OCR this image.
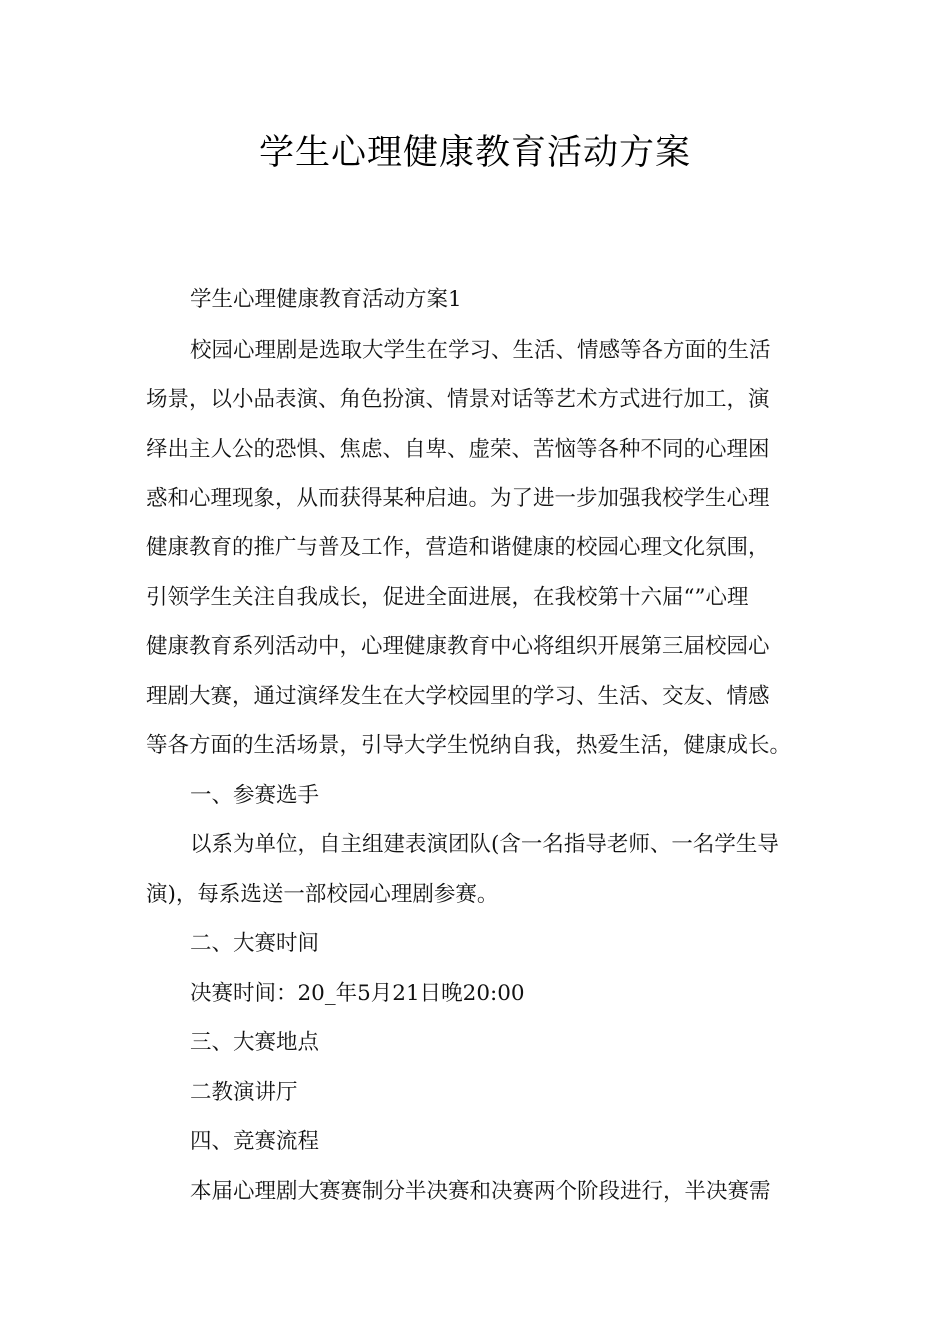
学生心理健康教育活动方案
学生心理健康教育活动方案1
校园心理剧是选取大学生在学习、生活、情感等各方面的生活
场景，以小品表演、角色扮演、情景对话等艺术方式进行加工，演
绎出主人公的恐惧、焦虑、自卑、虚荣、苦恼等各种不同的心理困
惑和心理现象，从而获得某种启迪。为了进一步加强我校学生心理
健康教育的推广与普及工作，营造和谐健康的校园心理文化氛围，
引领学生关注自我成长，促进全面进展，在我校第十六届“”心理
健康教育系列活动中，心理健康教育中心将组织开展第三届校园心
理剧大赛，通过演绎发生在大学校园里的学习、生活、交友、情感
等各方面的生活场景，引导大学生悦纳自我，热爱生活，健康成长。
一、参赛选手
以系为单位，自主组建表演团队(含一名指导老师、一名学生导
演)，每系选送一部校园心理剧参赛。
二、大赛时间
决赛时间：20_年5月21日晚20:00
三、大赛地点
二教演讲厅
四、竞赛流程
本届心理剧大赛赛制分半决赛和决赛两个阶段进行，半决赛需
